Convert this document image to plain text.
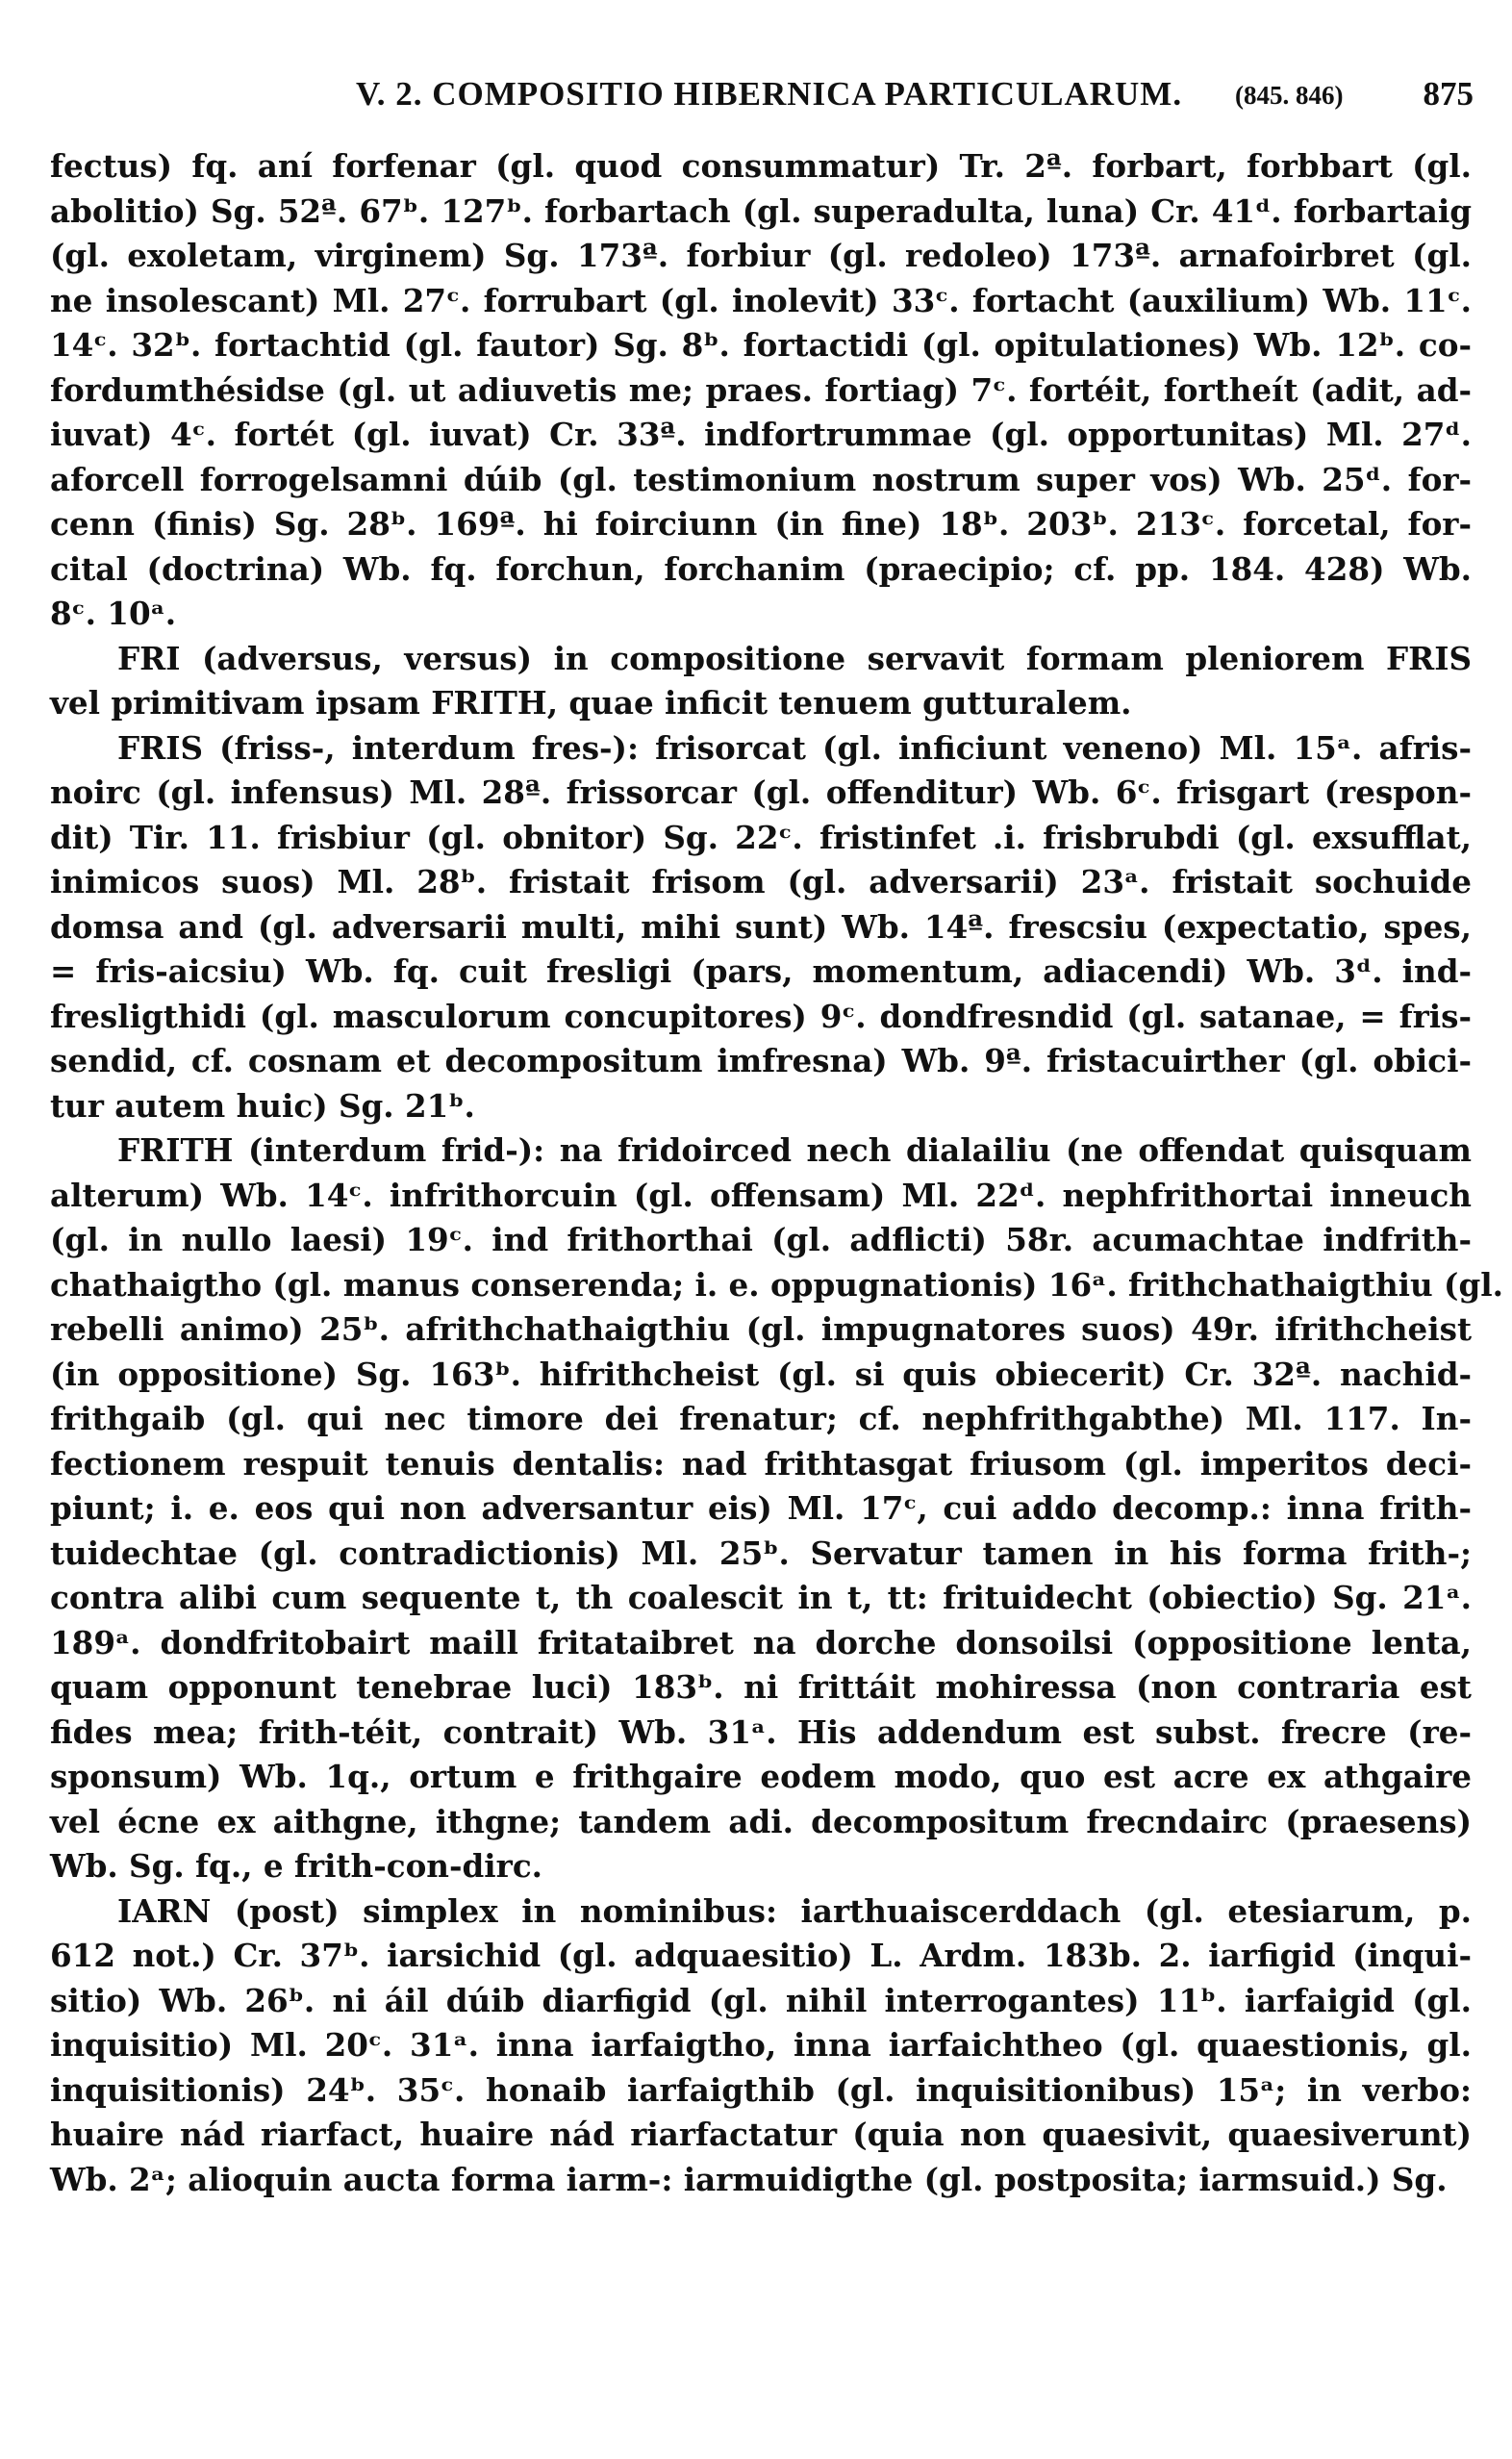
V. 2. COMPOSITIO HIBERNICA PARTICULARUM. (845. 846) 875
fectus) fq. aní forfenar (gl. quod consummatur) Tr. 2ª. forbart, forbbart (gl.
abolitio) Sg. 52ª. 67ᵇ. 127ᵇ. forbartach (gl. superadulta, luna) Cr. 41ᵈ. forbartaig
(gl. exoletam, virginem) Sg. 173ª. forbiur (gl. redoleo) 173ª. arnafoirbret (gl.
ne insolescant) Ml. 27ᶜ. forrubart (gl. inolevit) 33ᶜ. fortacht (auxilium) Wb. 11ᶜ.
14ᶜ. 32ᵇ. fortachtid (gl. fautor) Sg. 8ᵇ. fortactidi (gl. opitulationes) Wb. 12ᵇ. co-
fordumthésidse (gl. ut adiuvetis me; praes. fortiag) 7ᶜ. fortéit, fortheít (adit, ad-
iuvat) 4ᶜ. fortét (gl. iuvat) Cr. 33ª. indfortrummae (gl. opportunitas) Ml. 27ᵈ.
aforcell forrogelsamni dúib (gl. testimonium nostrum super vos) Wb. 25ᵈ. for-
cenn (finis) Sg. 28ᵇ. 169ª. hi foirciunn (in fine) 18ᵇ. 203ᵇ. 213ᶜ. forcetal, for-
cital (doctrina) Wb. fq. forchun, forchanim (praecipio; cf. pp. 184. 428) Wb.
8ᶜ. 10ᵃ.
FRI (adversus, versus) in compositione servavit formam pleniorem FRIS
vel primitivam ipsam FRITH, quae inficit tenuem gutturalem.
FRIS (friss-, interdum fres-): frisorcat (gl. inficiunt veneno) Ml. 15ᵃ. afris-
noirc (gl. infensus) Ml. 28ª. frissorcar (gl. offenditur) Wb. 6ᶜ. frisgart (respon-
dit) Tir. 11. frisbiur (gl. obnitor) Sg. 22ᶜ. fristinfet .i. frisbrubdi (gl. exsufflat,
inimicos suos) Ml. 28ᵇ. fristait frisom (gl. adversarii) 23ᵃ. fristait sochuide
domsa and (gl. adversarii multi, mihi sunt) Wb. 14ª. frescsiu (expectatio, spes,
= fris-aicsiu) Wb. fq. cuit fresligi (pars, momentum, adiacendi) Wb. 3ᵈ. ind-
fresligthidi (gl. masculorum concupitores) 9ᶜ. dondfresndid (gl. satanae, = fris-
sendid, cf. cosnam et decompositum imfresna) Wb. 9ª. fristacuirther (gl. obici-
tur autem huic) Sg. 21ᵇ.
FRITH (interdum frid-): na fridoirced nech dialailiu (ne offendat quisquam
alterum) Wb. 14ᶜ. infrithorcuin (gl. offensam) Ml. 22ᵈ. nephfrithortai inneuch
(gl. in nullo laesi) 19ᶜ. ind frithorthai (gl. adflicti) 58r. acumachtae indfrith-
chathaigtho (gl. manus conserenda; i. e. oppugnationis) 16ᵃ. frithchathaigthiu (gl.
rebelli animo) 25ᵇ. afrithchathaigthiu (gl. impugnatores suos) 49r. ifrithcheist
(in oppositione) Sg. 163ᵇ. hifrithcheist (gl. si quis obiecerit) Cr. 32ª. nachid-
frithgaib (gl. qui nec timore dei frenatur; cf. nephfrithgabthe) Ml. 117. In-
fectionem respuit tenuis dentalis: nad frithtasgat friusom (gl. imperitos deci-
piunt; i. e. eos qui non adversantur eis) Ml. 17ᶜ, cui addo decomp.: inna frith-
tuidechtae (gl. contradictionis) Ml. 25ᵇ. Servatur tamen in his forma frith-;
contra alibi cum sequente t, th coalescit in t, tt: frituidecht (obiectio) Sg. 21ᵃ.
189ᵃ. dondfritobairt maill fritataibret na dorche donsoilsi (oppositione lenta,
quam opponunt tenebrae luci) 183ᵇ. ni frittáit mohiressa (non contraria est
fides mea; frith-téit, contrait) Wb. 31ᵃ. His addendum est subst. frecre (re-
sponsum) Wb. 1q., ortum e frithgaire eodem modo, quo est acre ex athgaire
vel écne ex aithgne, ithgne; tandem adi. decompositum frecndairc (praesens)
Wb. Sg. fq., e frith-con-dirc.
IARN (post) simplex in nominibus: iarthuaiscerddach (gl. etesiarum, p.
612 not.) Cr. 37ᵇ. iarsichid (gl. adquaesitio) L. Ardm. 183b. 2. iarfigid (inqui-
sitio) Wb. 26ᵇ. ni áil dúib diarfigid (gl. nihil interrogantes) 11ᵇ. iarfaigid (gl.
inquisitio) Ml. 20ᶜ. 31ᵃ. inna iarfaigtho, inna iarfaichtheo (gl. quaestionis, gl.
inquisitionis) 24ᵇ. 35ᶜ. honaib iarfaigthib (gl. inquisitionibus) 15ᵃ; in verbo:
huaire nád riarfact, huaire nád riarfactatur (quia non quaesivit, quaesiverunt)
Wb. 2ᵃ; alioquin aucta forma iarm-: iarmuidigthe (gl. postposita; iarmsuid.) Sg.
